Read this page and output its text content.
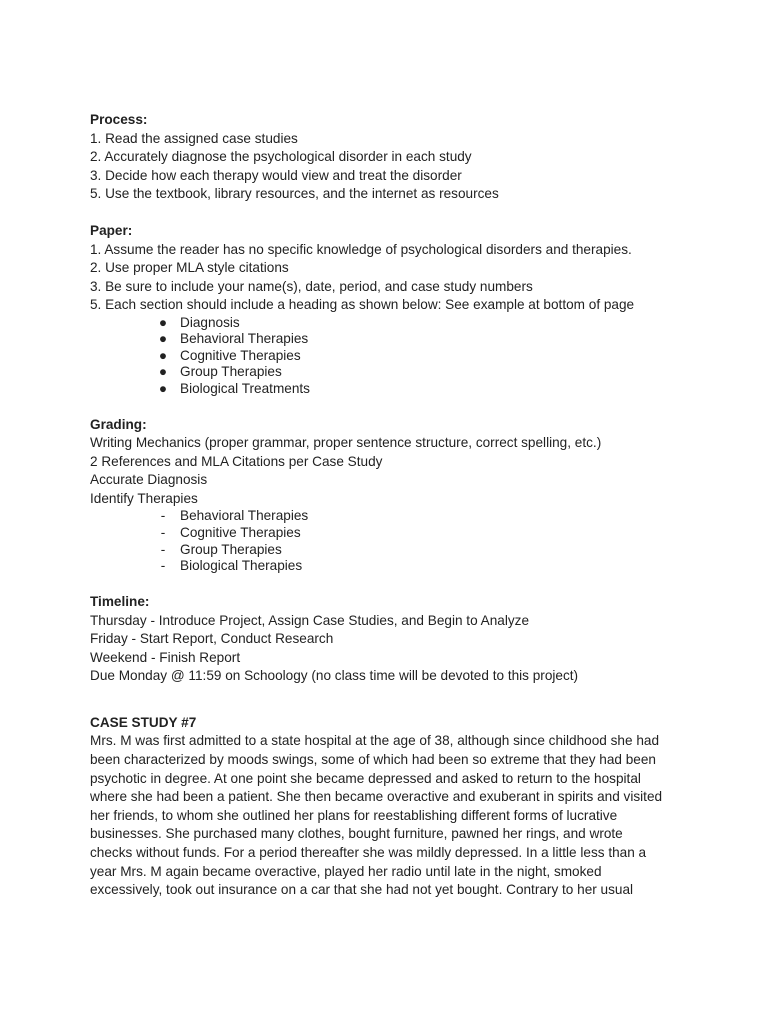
Process:
1. Read the assigned case studies
2. Accurately diagnose the psychological disorder in each study
3. Decide how each therapy would view and treat the disorder
5. Use the textbook, library resources, and the internet as resources
Paper:
1. Assume the reader has no specific knowledge of psychological disorders and therapies.
2. Use proper MLA style citations
3. Be sure to include your name(s), date, period, and case study numbers
5. Each section should include a heading as shown below: See example at bottom of page
● Diagnosis
● Behavioral Therapies
● Cognitive Therapies
● Group Therapies
● Biological Treatments
Grading:
Writing Mechanics (proper grammar, proper sentence structure, correct spelling, etc.)
2 References and MLA Citations per Case Study
Accurate Diagnosis
Identify Therapies
-	Behavioral Therapies
-	Cognitive Therapies
-	Group Therapies
-	Biological Therapies
Timeline:
Thursday - Introduce Project, Assign Case Studies, and Begin to Analyze
Friday - Start Report, Conduct Research
Weekend - Finish Report
Due Monday @ 11:59 on Schoology (no class time will be devoted to this project)
CASE STUDY #7
Mrs. M was first admitted to a state hospital at the age of 38, although since childhood she had
been characterized by moods swings, some of which had been so extreme that they had been
psychotic in degree. At one point she became depressed and asked to return to the hospital
where she had been a patient. She then became overactive and exuberant in spirits and visited
her friends, to whom she outlined her plans for reestablishing different forms of lucrative
businesses. She purchased many clothes, bought furniture, pawned her rings, and wrote
checks without funds. For a period thereafter she was mildly depressed. In a little less than a
year Mrs. M again became overactive, played her radio until late in the night, smoked
excessively, took out insurance on a car that she had not yet bought. Contrary to her usual
